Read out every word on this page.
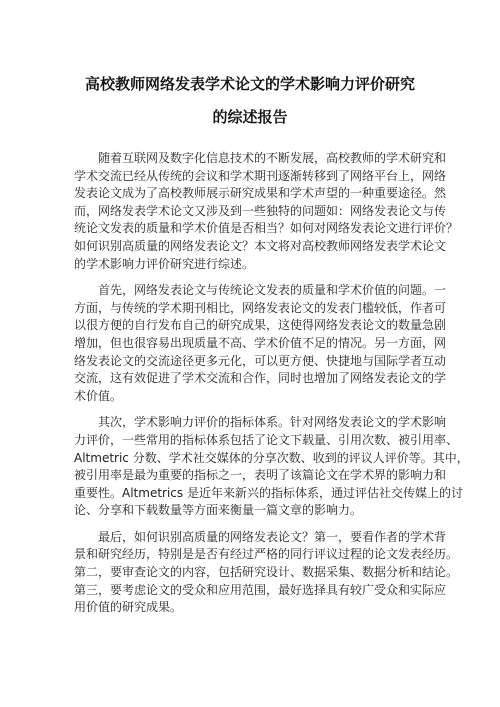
高校教师网络发表学术论文的学术影响力评价研究
的综述报告
随着互联网及数字化信息技术的不断发展，高校教师的学术研究和
学术交流已经从传统的会议和学术期刊逐渐转移到了网络平台上，网络
发表论文成为了高校教师展示研究成果和学术声望的一种重要途径。然
而，网络发表学术论文又涉及到一些独特的问题如：网络发表论文与传
统论文发表的质量和学术价值是否相当？如何对网络发表论文进行评价？
如何识别高质量的网络发表论文？本文将对高校教师网络发表学术论文
的学术影响力评价研究进行综述。
首先，网络发表论文与传统论文发表的质量和学术价值的问题。一
方面，与传统的学术期刊相比，网络发表论文的发表门槛较低，作者可
以很方便的自行发布自己的研究成果，这使得网络发表论文的数量急剧
增加，但也很容易出现质量不高、学术价值不足的情况。另一方面，网
络发表论文的交流途径更多元化，可以更方便、快捷地与国际学者互动
交流，这有效促进了学术交流和合作，同时也增加了网络发表论文的学
术价值。
其次，学术影响力评价的指标体系。针对网络发表论文的学术影响
力评价，一些常用的指标体系包括了论文下载量、引用次数、被引用率、
Altmetric 分数、学术社交媒体的分享次数、收到的评议人评价等。其中，
被引用率是最为重要的指标之一，表明了该篇论文在学术界的影响力和
重要性。Altmetrics 是近年来新兴的指标体系，通过评估社交传媒上的讨
论、分享和下载数量等方面来衡量一篇文章的影响力。
最后，如何识别高质量的网络发表论文？第一，要看作者的学术背
景和研究经历，特别是是否有经过严格的同行评议过程的论文发表经历。
第二，要审查论文的内容，包括研究设计、数据采集、数据分析和结论。
第三，要考虑论文的受众和应用范围，最好选择具有较广受众和实际应
用价值的研究成果。
